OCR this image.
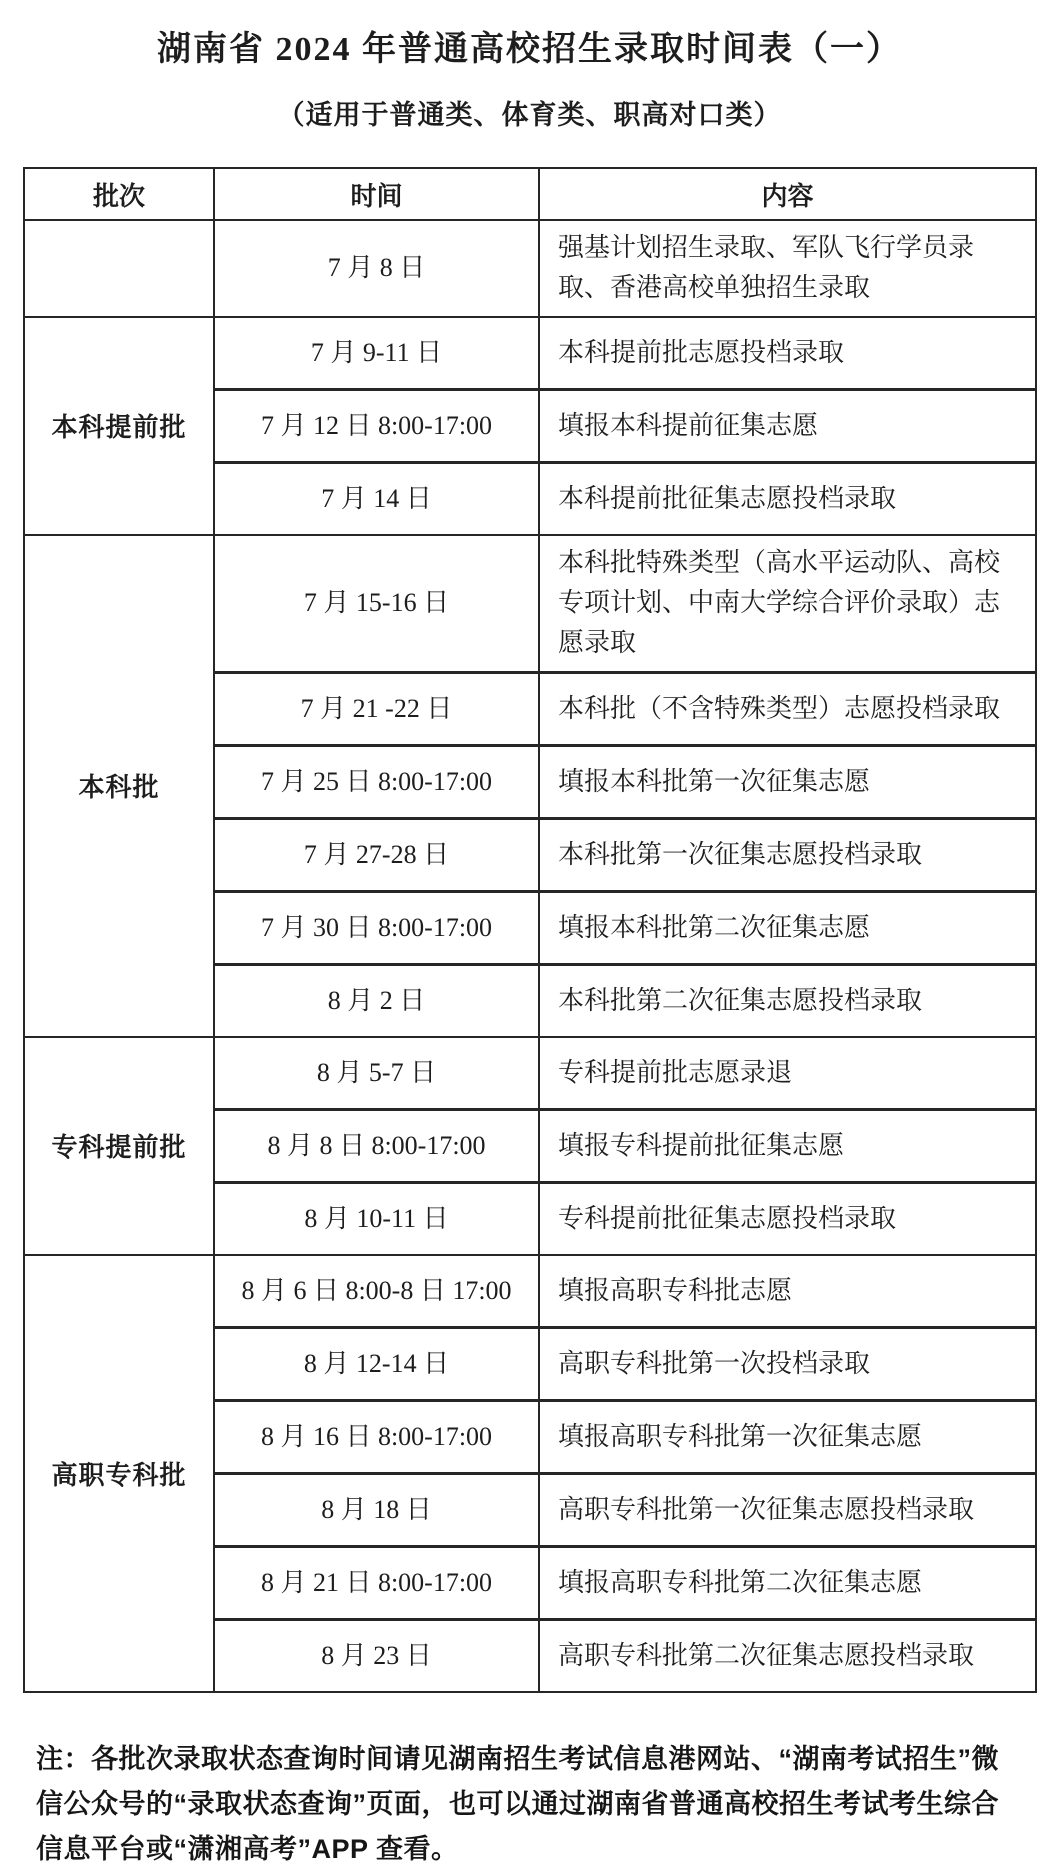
湖南省 2024 年普通高校招生录取时间表（一）
（适用于普通类、体育类、职高对口类）
批次	时间	内容
	7 月 8 日	强基计划招生录取、军队飞行学员录取、香港高校单独招生录取
本科提前批	7 月 9-11 日	本科提前批志愿投档录取
	7 月 12 日 8:00-17:00	填报本科提前征集志愿
	7 月 14 日	本科提前批征集志愿投档录取
本科批	7 月 15-16 日	本科批特殊类型（高水平运动队、高校专项计划、中南大学综合评价录取）志愿录取
	7 月 21 -22 日	本科批（不含特殊类型）志愿投档录取
	7 月 25 日 8:00-17:00	填报本科批第一次征集志愿
	7 月 27-28 日	本科批第一次征集志愿投档录取
	7 月 30 日 8:00-17:00	填报本科批第二次征集志愿
	8 月 2 日	本科批第二次征集志愿投档录取
专科提前批	8 月 5-7 日	专科提前批志愿录退
	8 月 8 日 8:00-17:00	填报专科提前批征集志愿
	8 月 10-11 日	专科提前批征集志愿投档录取
高职专科批	8 月 6 日 8:00-8 日 17:00	填报高职专科批志愿
	8 月 12-14 日	高职专科批第一次投档录取
	8 月 16 日 8:00-17:00	填报高职专科批第一次征集志愿
	8 月 18 日	高职专科批第一次征集志愿投档录取
	8 月 21 日 8:00-17:00	填报高职专科批第二次征集志愿
	8 月 23 日	高职专科批第二次征集志愿投档录取

注：各批次录取状态查询时间请见湖南招生考试信息港网站、“湖南考试招生”微信公众号的“录取状态查询”页面，也可以通过湖南省普通高校招生考试考生综合信息平台或“潇湘高考”APP 查看。
